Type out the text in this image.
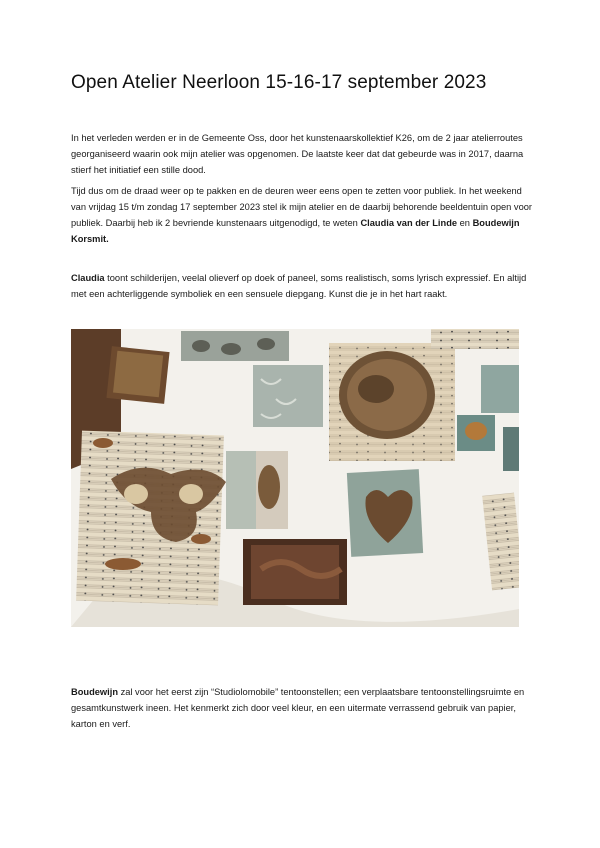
Open Atelier Neerloon 15-16-17 september 2023

In het verleden werden er in de Gemeente Oss, door het kunstenaarskollektief K26, om de 2 jaar atelierroutes georganiseerd waarin ook mijn atelier was opgenomen. De laatste keer dat dat gebeurde was in 2017, daarna stierf het initiatief een stille dood.

Tijd dus om de draad weer op te pakken en de deuren weer eens open te zetten voor publiek. In het weekend van vrijdag 15 t/m zondag 17 september 2023 stel ik mijn atelier en de daarbij behorende beeldentuin open voor publiek. Daarbij heb ik 2 bevriende kunstenaars uitgenodigd, te weten Claudia van der Linde en Boudewijn Korsmit.

Claudia toont schilderijen, veelal olieverf op doek of paneel, soms realistisch, soms lyrisch expressief. En altijd met een achterliggende symboliek en een sensuele diepgang. Kunst die je in het hart raakt.

Boudewijn zal voor het eerst zijn “Studiolomobile” tentoonstellen; een verplaatsbare tentoonstellingsruimte en gesamtkunstwerk ineen. Het kenmerkt zich door veel kleur, en een uitermate verrassend gebruik van papier, karton en verf.
